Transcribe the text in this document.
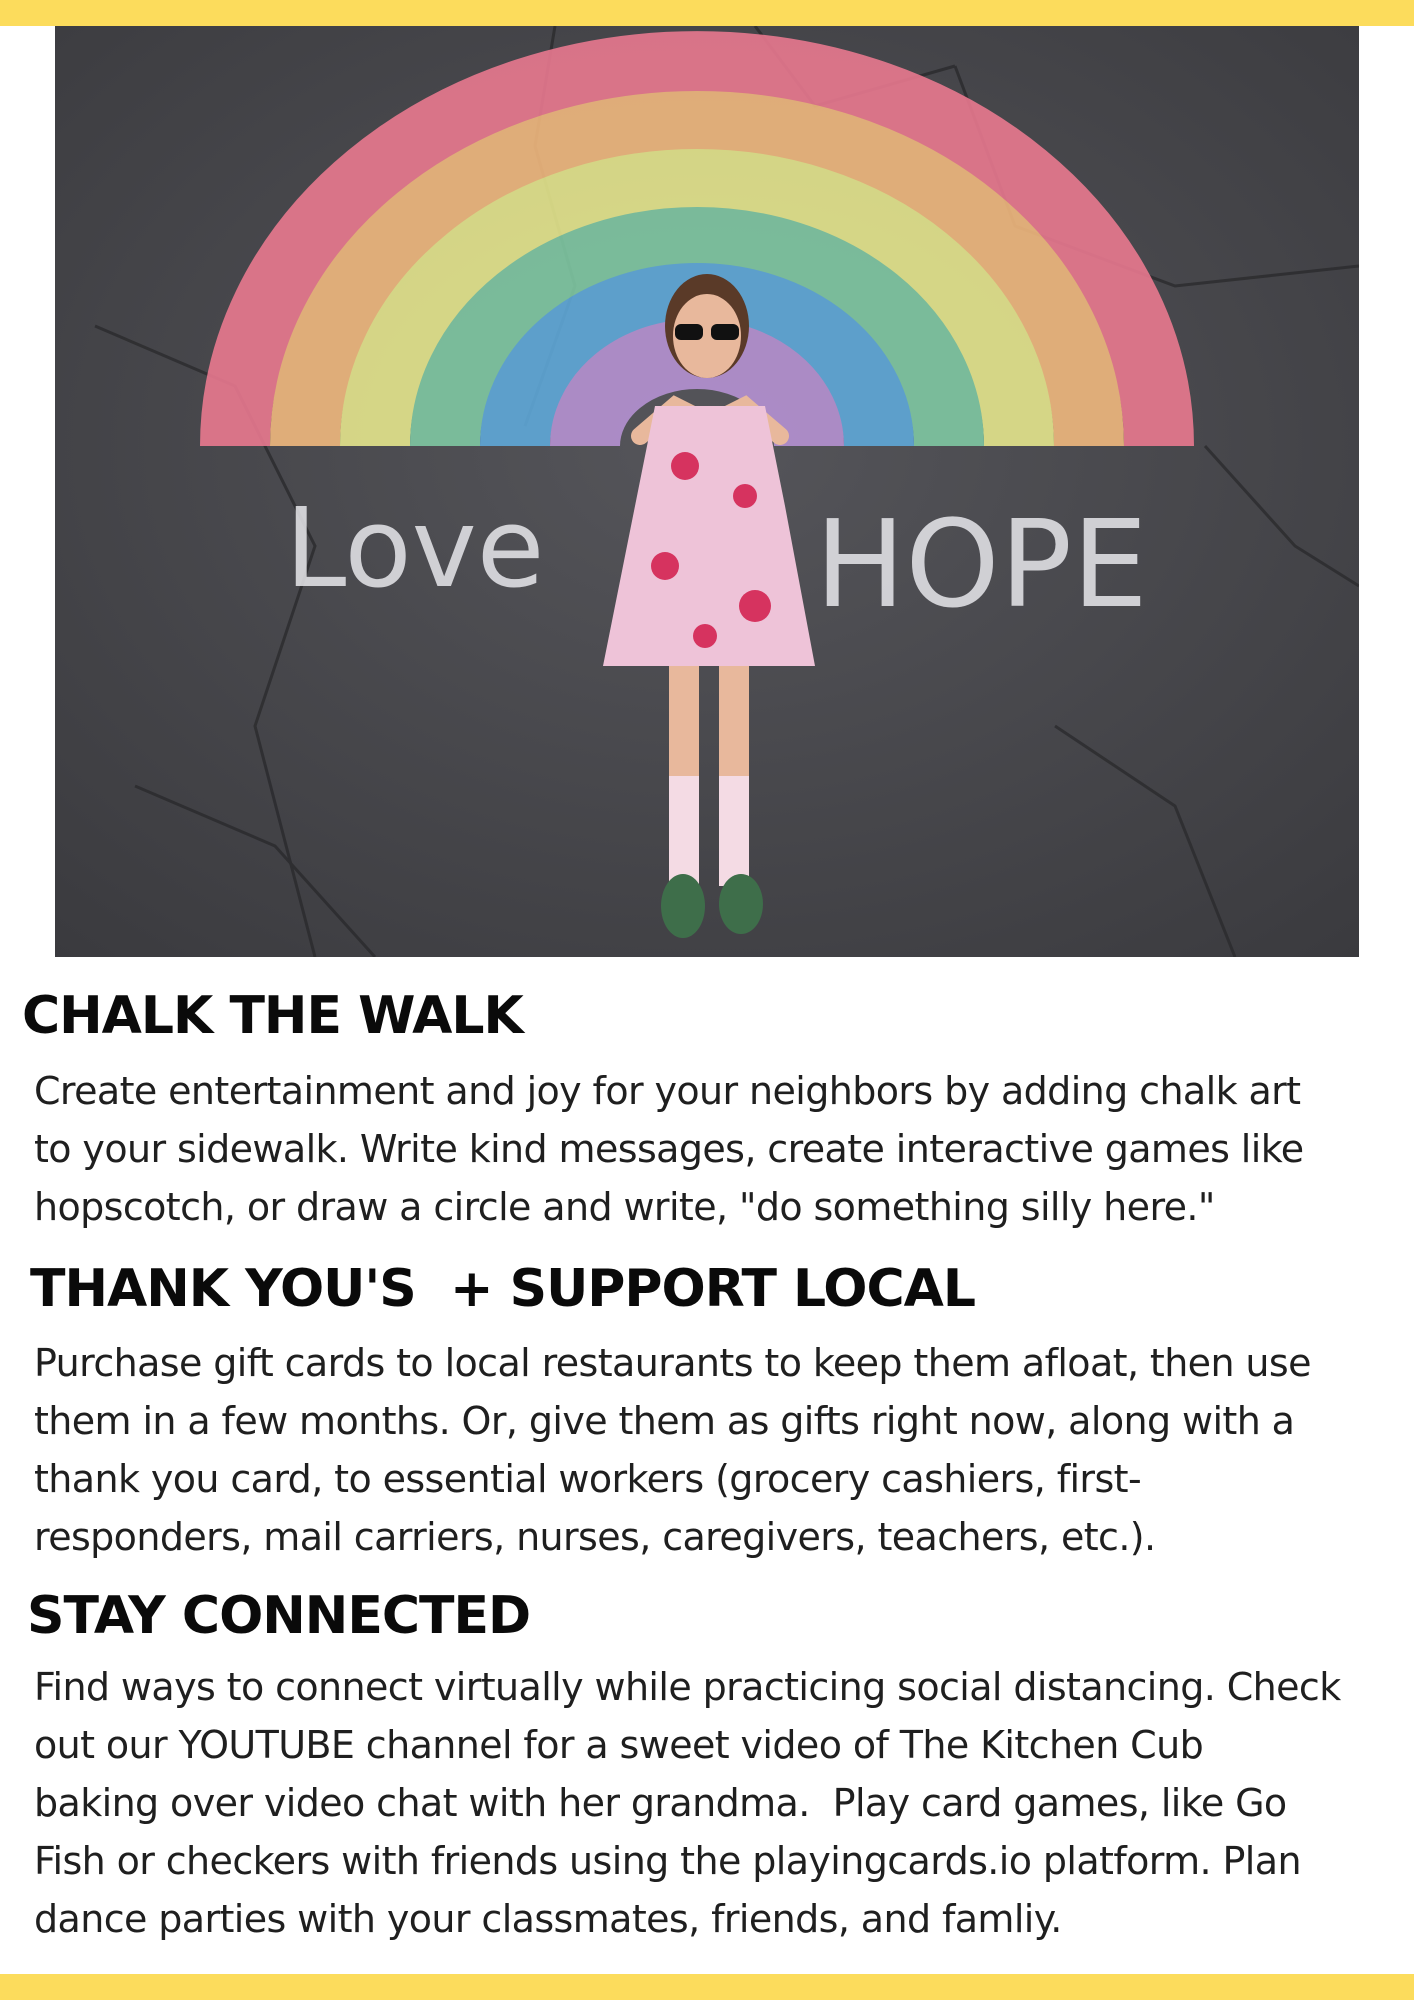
Love HOPE
CHALK THE WALK

Create entertainment and joy for your neighbors by adding chalk art
to your sidewalk. Write kind messages, create interactive games like
hopscotch, or draw a circle and write, "do something silly here."

THANK YOU'S  + SUPPORT LOCAL

Purchase gift cards to local restaurants to keep them afloat, then use
them in a few months. Or, give them as gifts right now, along with a
thank you card, to essential workers (grocery cashiers, first-
responders, mail carriers, nurses, caregivers, teachers, etc.).

STAY CONNECTED

Find ways to connect virtually while practicing social distancing. Check
out our YOUTUBE channel for a sweet video of The Kitchen Cub
baking over video chat with her grandma.  Play card games, like Go
Fish or checkers with friends using the playingcards.io platform. Plan
dance parties with your classmates, friends, and famliy.
